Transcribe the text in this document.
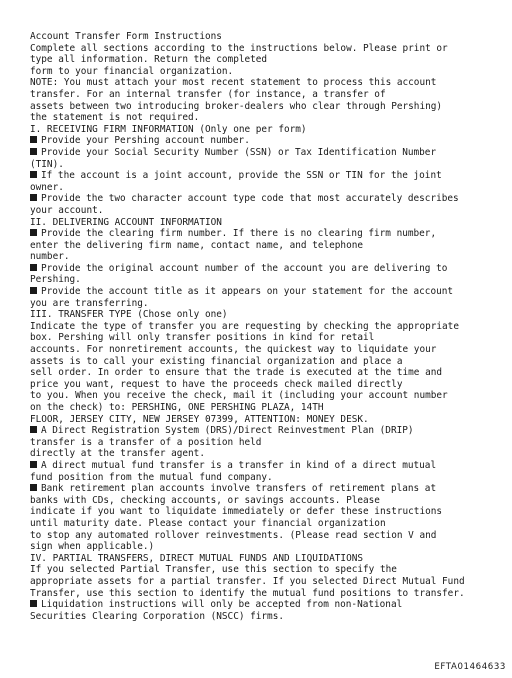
Account Transfer Form Instructions
Complete all sections according to the instructions below. Please print or
type all information. Return the completed
form to your financial organization.
NOTE: You must attach your most recent statement to process this account
transfer. For an internal transfer (for instance, a transfer of
assets between two introducing broker-dealers who clear through Pershing)
the statement is not required.
I. RECEIVING FIRM INFORMATION (Only one per form)
Provide your Pershing account number.
Provide your Social Security Number (SSN) or Tax Identification Number
(TIN).
If the account is a joint account, provide the SSN or TIN for the joint
owner.
Provide the two character account type code that most accurately describes
your account.
II. DELIVERING ACCOUNT INFORMATION
Provide the clearing firm number. If there is no clearing firm number,
enter the delivering firm name, contact name, and telephone
number.
Provide the original account number of the account you are delivering to
Pershing.
Provide the account title as it appears on your statement for the account
you are transferring.
III. TRANSFER TYPE (Chose only one)
Indicate the type of transfer you are requesting by checking the appropriate
box. Pershing will only transfer positions in kind for retail
accounts. For nonretirement accounts, the quickest way to liquidate your
assets is to call your existing financial organization and place a
sell order. In order to ensure that the trade is executed at the time and
price you want, request to have the proceeds check mailed directly
to you. When you receive the check, mail it (including your account number
on the check) to: PERSHING, ONE PERSHING PLAZA, 14TH
FLOOR, JERSEY CITY, NEW JERSEY 07399, ATTENTION: MONEY DESK.
A Direct Registration System (DRS)/Direct Reinvestment Plan (DRIP)
transfer is a transfer of a position held
directly at the transfer agent.
A direct mutual fund transfer is a transfer in kind of a direct mutual
fund position from the mutual fund company.
Bank retirement plan accounts involve transfers of retirement plans at
banks with CDs, checking accounts, or savings accounts. Please
indicate if you want to liquidate immediately or defer these instructions
until maturity date. Please contact your financial organization
to stop any automated rollover reinvestments. (Please read section V and
sign when applicable.)
IV. PARTIAL TRANSFERS, DIRECT MUTUAL FUNDS AND LIQUIDATIONS
If you selected Partial Transfer, use this section to specify the
appropriate assets for a partial transfer. If you selected Direct Mutual Fund
Transfer, use this section to identify the mutual fund positions to transfer.
Liquidation instructions will only be accepted from non-National
Securities Clearing Corporation (NSCC) firms.
EFTA01464633
